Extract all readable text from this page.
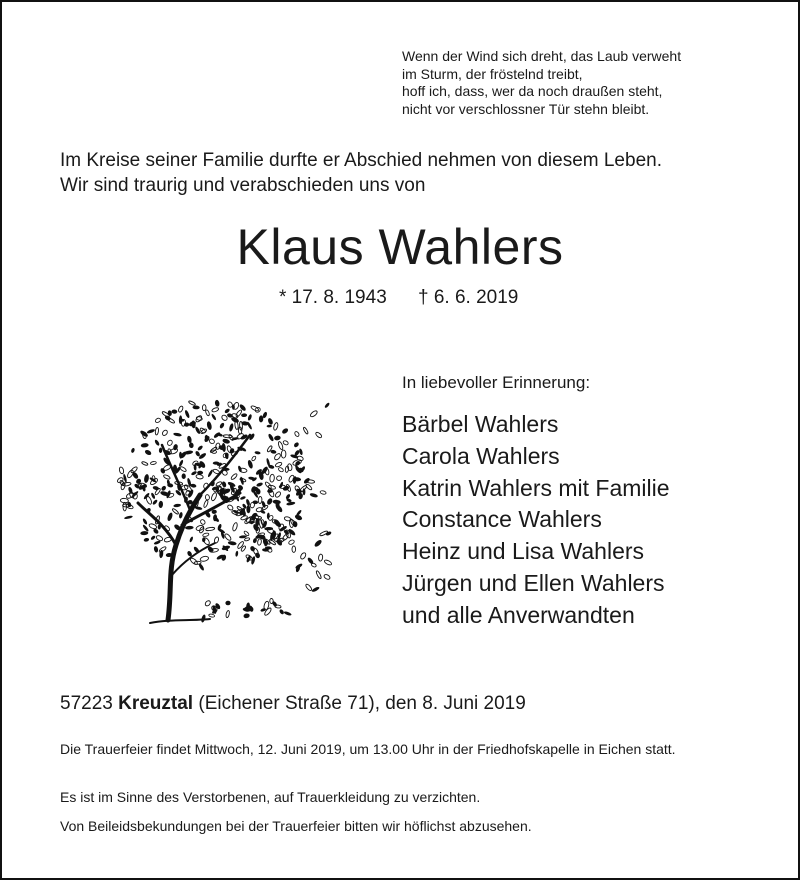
Wenn der Wind sich dreht, das Laub verweht
im Sturm, der fröstelnd treibt,
hoff ich, dass, wer da noch draußen steht,
nicht vor verschlossner Tür stehn bleibt.
Im Kreise seiner Familie durfte er Abschied nehmen von diesem Leben.
Wir sind traurig und verabschieden uns von
Klaus Wahlers
* 17. 8. 1943 † 6. 6. 2019
In liebevoller Erinnerung:
Bärbel Wahlers
Carola Wahlers
Katrin Wahlers mit Familie
Constance Wahlers
Heinz und Lisa Wahlers
Jürgen und Ellen Wahlers
und alle Anverwandten
57223 Kreuztal (Eichener Straße 71), den 8. Juni 2019
Die Trauerfeier findet Mittwoch, 12. Juni 2019, um 13.00 Uhr in der Friedhofskapelle in Eichen statt.
Es ist im Sinne des Verstorbenen, auf Trauerkleidung zu verzichten.
Von Beileidsbekundungen bei der Trauerfeier bitten wir höflichst abzusehen.
